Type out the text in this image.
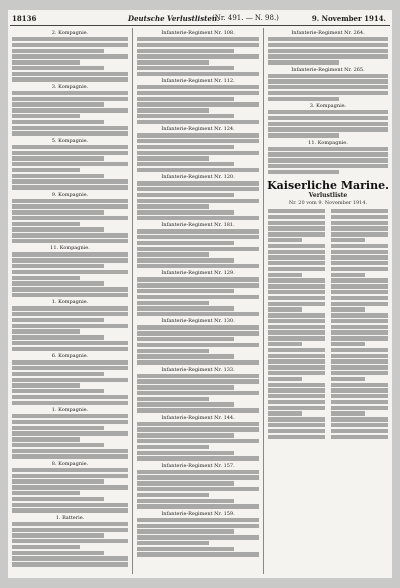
18136	Deutsche Verlustlisten.
(Nr. 491. — N. 98.)	9. November 1914.
2. Kompagnie.
3. Kompagnie.
5. Kompagnie.
9. Kompagnie.
11. Kompagnie.
1. Kompagnie.
6. Kompagnie.
1. Kompagnie.
8. Kompagnie.
1. Batterie.
Infanterie-Regiment Nr. 108.
Infanterie-Regiment Nr. 112.
Infanterie-Regiment Nr. 124.
Infanterie-Regiment Nr. 120.
Infanterie-Regiment Nr. 181.
Infanterie-Regiment Nr. 129.
Infanterie-Regiment Nr. 130.
Infanterie-Regiment Nr. 133.
Infanterie-Regiment Nr. 144.
Infanterie-Regiment Nr. 157.
Infanterie-Regiment Nr. 159.
Infanterie-Regiment Nr. 264.
Infanterie-Regiment Nr. 265.
3. Kompagnie.
11. Kompagnie.
Kaiserliche Marine.
Verlustliste
Nr. 20 vom 9. November 1914.
